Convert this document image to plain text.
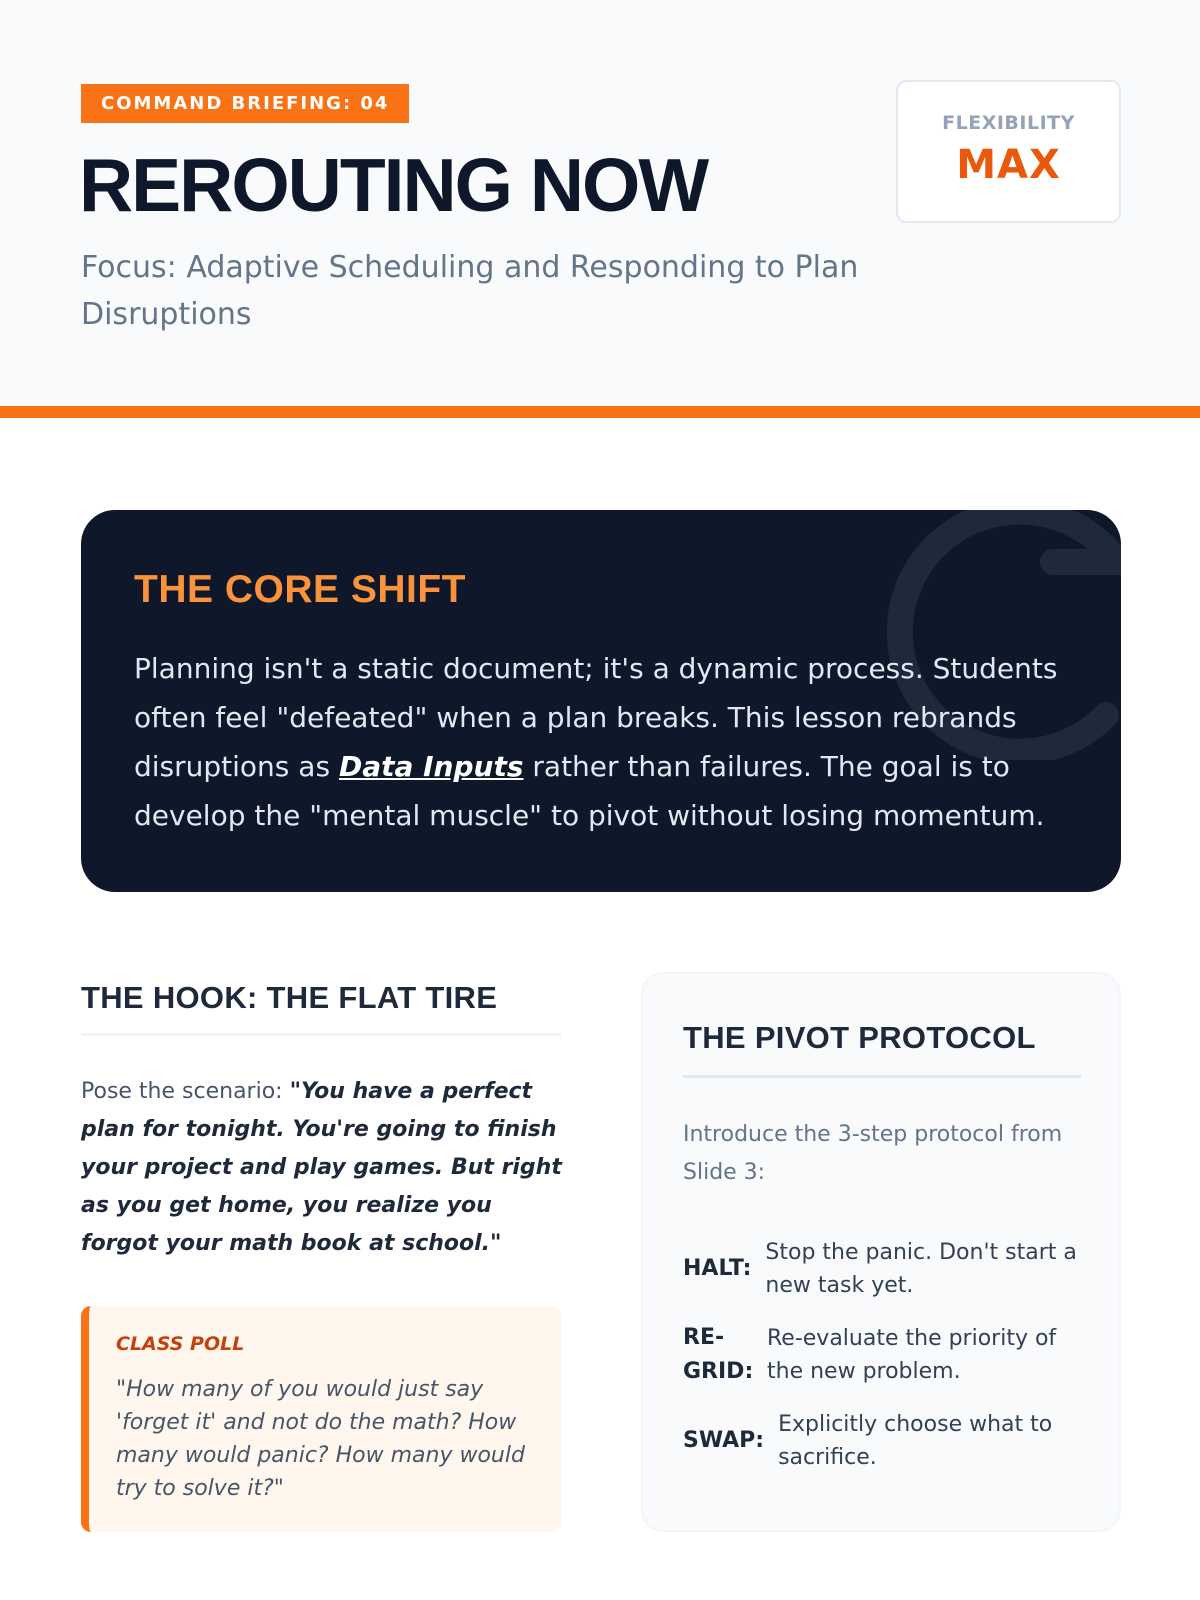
COMMAND BRIEFING: 04
REROUTING NOW

Focus: Adaptive Scheduling and Responding to Plan Disruptions

FLEXIBILITY
MAX
THE CORE SHIFT

Planning isn't a static document; it's a dynamic process. Students often feel "defeated" when a plan breaks. This lesson rebrands disruptions as Data Inputs rather than failures. The goal is to develop the "mental muscle" to pivot without losing momentum.

THE HOOK: THE FLAT TIRE

Pose the scenario: "You have a perfect plan for tonight. You're going to finish your project and play games. But right as you get home, you realize you forgot your math book at school."

CLASS POLL

"How many of you would just say 'forget it' and not do the math? How many would panic? How many would try to solve it?"

THE PIVOT PROTOCOL

Introduce the 3-step protocol from Slide 3:

HALT:
Stop the panic. Don't start a new task yet.
RE-GRID:
Re-evaluate the priority of the new problem.
SWAP:
Explicitly choose what to sacrifice.
